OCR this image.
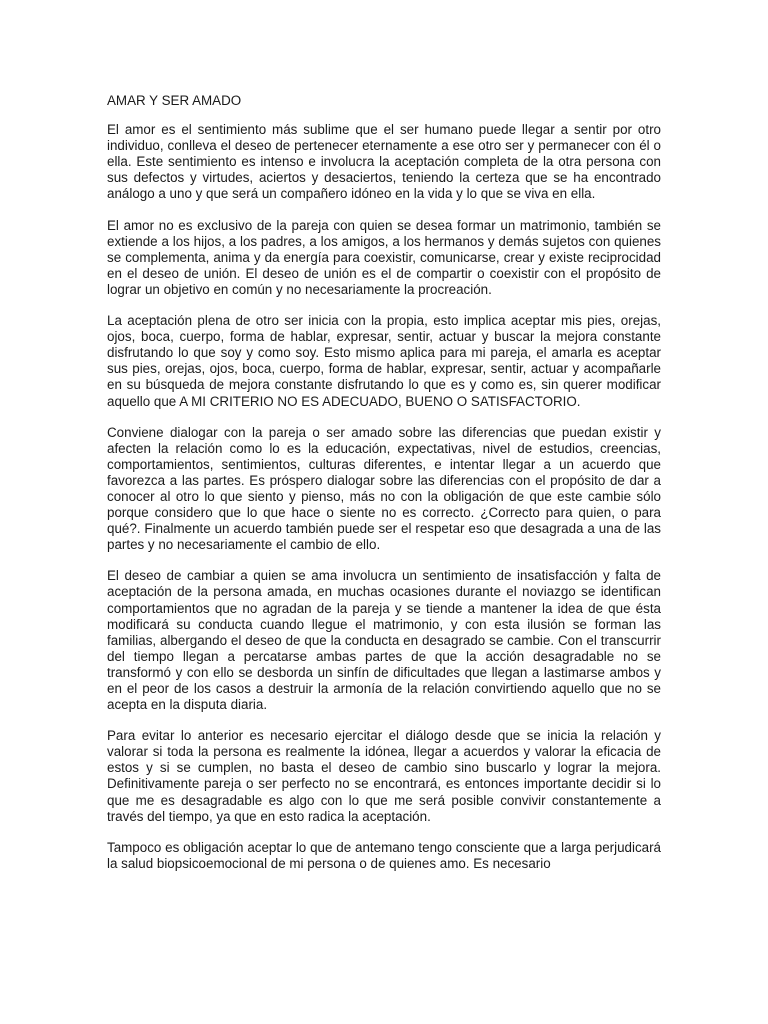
AMAR Y SER AMADO

El amor es el sentimiento más sublime que el ser humano puede llegar a sentir por otro individuo, conlleva el deseo de pertenecer eternamente a ese otro ser y permanecer con él o ella. Este sentimiento es intenso e involucra la aceptación completa de la otra persona con sus defectos y virtudes, aciertos y desaciertos, teniendo la certeza que se ha encontrado análogo a uno y que será un compañero idóneo en la vida y lo que se viva en ella.

El amor no es exclusivo de la pareja con quien se desea formar un matrimonio, también se extiende a los hijos, a los padres, a los amigos, a los hermanos y demás sujetos con quienes se complementa, anima y da energía para coexistir, comunicarse, crear y existe reciprocidad en el deseo de unión. El deseo de unión es el de compartir o coexistir con el propósito de lograr un objetivo en común y no necesariamente la procreación.

La aceptación plena de otro ser inicia con la propia, esto implica aceptar mis pies, orejas, ojos, boca, cuerpo, forma de hablar, expresar, sentir, actuar y buscar la mejora constante disfrutando lo que soy y como soy. Esto mismo aplica para mi pareja, el amarla es aceptar sus pies, orejas, ojos, boca, cuerpo, forma de hablar, expresar, sentir, actuar y acompañarle en su búsqueda de mejora constante disfrutando lo que es y como es, sin querer modificar aquello que A MI CRITERIO NO ES ADECUADO, BUENO O SATISFACTORIO.

Conviene dialogar con la pareja o ser amado sobre las diferencias que puedan existir y afecten la relación como lo es la educación, expectativas, nivel de estudios, creencias, comportamientos, sentimientos, culturas diferentes, e intentar llegar a un acuerdo que favorezca a las partes. Es próspero dialogar sobre las diferencias con el propósito de dar a conocer al otro lo que siento y pienso, más no con la obligación de que este cambie sólo porque considero que lo que hace o siente no es correcto. ¿Correcto para quien, o para qué?. Finalmente un acuerdo también puede ser el respetar eso que desagrada a una de las partes y no necesariamente el cambio de ello.

El deseo de cambiar a quien se ama involucra un sentimiento de insatisfacción y falta de aceptación de la persona amada, en muchas ocasiones durante el noviazgo se identifican comportamientos que no agradan de la pareja y se tiende a mantener la idea de que ésta modificará su conducta cuando llegue el matrimonio, y con esta ilusión se forman las familias, albergando el deseo de que la conducta en desagrado se cambie. Con el transcurrir del tiempo llegan a percatarse ambas partes de que la acción desagradable no se transformó y con ello se desborda un sinfín de dificultades que llegan a lastimarse ambos y en el peor de los casos a destruir la armonía de la relación convirtiendo aquello que no se acepta en la disputa diaria.

Para evitar lo anterior es necesario ejercitar el diálogo desde que se inicia la relación y valorar si toda la persona es realmente la idónea, llegar a acuerdos y valorar la eficacia de estos y si se cumplen, no basta el deseo de cambio sino buscarlo y lograr la mejora. Definitivamente pareja o ser perfecto no se encontrará, es entonces importante decidir si lo que me es desagradable es algo con lo que me será posible convivir constantemente a través del tiempo, ya que en esto radica la aceptación.

Tampoco es obligación aceptar lo que de antemano tengo consciente que a larga perjudicará la salud biopsicoemocional de mi persona o de quienes amo. Es necesario
